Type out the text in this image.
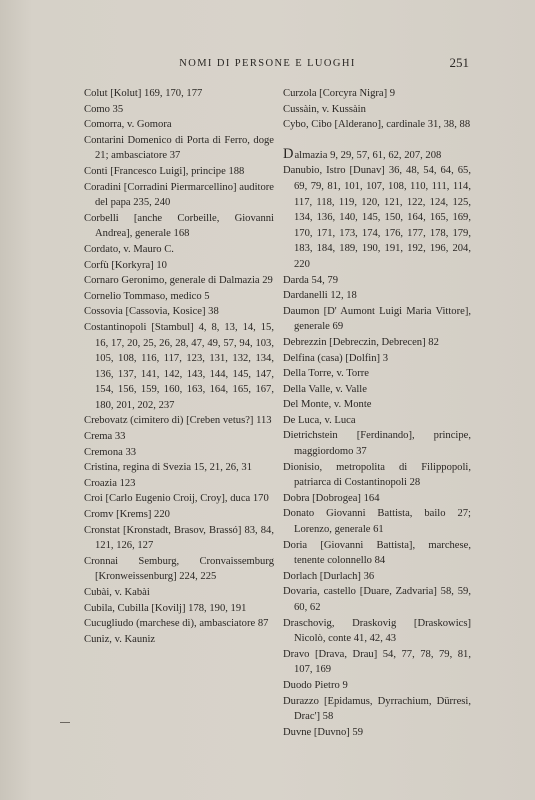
NOMI DI PERSONE E LUOGHI	251
Colut [Kolut] 169, 170, 177
Como 35
Comorra, v. Gomora
Contarini Domenico di Porta di Ferro, doge 21; ambasciatore 37
Conti [Francesco Luigi], principe 188
Coradini [Corradini Piermarcellino] auditore del papa 235, 240
Corbelli [anche Corbeille, Giovanni Andrea], generale 168
Cordato, v. Mauro C.
Corfù [Korkyra] 10
Cornaro Geronimo, generale di Dalmazia 29
Cornelio Tommaso, medico 5
Cossovia [Cassovia, Kosice] 38
Costantinopoli [Stambul] 4, 8, 13, 14, 15, 16, 17, 20, 25, 26, 28, 47, 49, 57, 94, 103, 105, 108, 116, 117, 123, 131, 132, 134, 136, 137, 141, 142, 143, 144, 145, 147, 154, 156, 159, 160, 163, 164, 165, 167, 180, 201, 202, 237
Crebovatz (cimitero di) [Creben vetus?] 113
Crema 33
Cremona 33
Cristina, regina di Svezia 15, 21, 26, 31
Croazia 123
Croi [Carlo Eugenio Croij, Croy], duca 170
Cromv [Krems] 220
Cronstat [Kronstadt, Brasov, Brassó] 83, 84, 121, 126, 127
Cronnai Semburg, Cronvaissemburg [Kronweissenburg] 224, 225
Cubài, v. Kabài
Cubila, Cubilla [Kovilj] 178, 190, 191
Cucugliudo (marchese di), ambasciatore 87
Cuniz, v. Kauniz
Curzola [Corcyra Nigra] 9
Cussàin, v. Kussàin
Cybo, Cibo [Alderano], cardinale 31, 38, 88
Dalmazia 9, 29, 57, 61, 62, 207, 208
Danubio, Istro [Dunav] 36, 48, 54, 64, 65, 69, 79, 81, 101, 107, 108, 110, 111, 114, 117, 118, 119, 120, 121, 122, 124, 125, 134, 136, 140, 145, 150, 164, 165, 169, 170, 171, 173, 174, 176, 177, 178, 179, 183, 184, 189, 190, 191, 192, 196, 204, 220
Darda 54, 79
Dardanelli 12, 18
Daumon [D' Aumont Luigi Maria Vittore], generale 69
Debrezzin [Debreczin, Debrecen] 82
Delfina (casa) [Dolfin] 3
Della Torre, v. Torre
Della Valle, v. Valle
Del Monte, v. Monte
De Luca, v. Luca
Dietrichstein [Ferdinando], principe, maggiordomo 37
Dionisio, metropolita di Filippopoli, patriarca di Costantinopoli 28
Dobra [Dobrogea] 164
Donato Giovanni Battista, bailo 27; Lorenzo, generale 61
Doria [Giovanni Battista], marchese, tenente colonnello 84
Dorlach [Durlach] 36
Dovaria, castello [Duare, Zadvaria] 58, 59, 60, 62
Draschovig, Draskovig [Draskowics] Nicolò, conte 41, 42, 43
Dravo [Drava, Drau] 54, 77, 78, 79, 81, 107, 169
Duodo Pietro 9
Durazzo [Epidamus, Dyrrachium, Dürresi, Drac'] 58
Duvne [Duvno] 59
